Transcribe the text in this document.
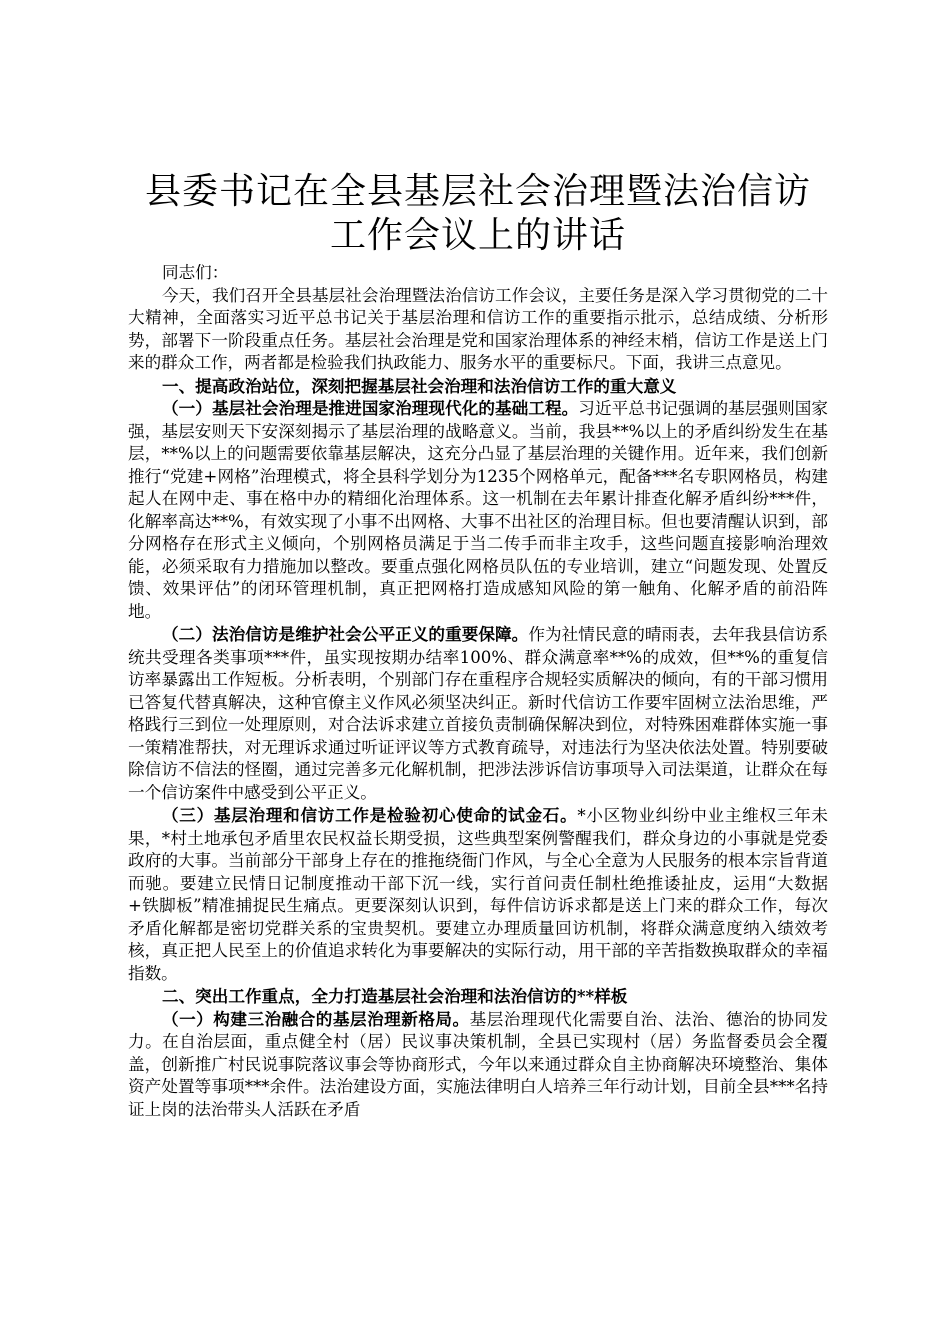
县委书记在全县基层社会治理暨法治信访工作会议上的讲话

同志们：

今天，我们召开全县基层社会治理暨法治信访工作会议，主要任务是深入学习贯彻党的二十大精神，全面落实习近平总书记关于基层治理和信访工作的重要指示批示，总结成绩、分析形势，部署下一阶段重点任务。基层社会治理是党和国家治理体系的神经末梢，信访工作是送上门来的群众工作，两者都是检验我们执政能力、服务水平的重要标尺。下面，我讲三点意见。

一、提高政治站位，深刻把握基层社会治理和法治信访工作的重大意义

（一）基层社会治理是推进国家治理现代化的基础工程。习近平总书记强调的基层强则国家强，基层安则天下安深刻揭示了基层治理的战略意义。当前，我县**%以上的矛盾纠纷发生在基层，**%以上的问题需要依靠基层解决，这充分凸显了基层治理的关键作用。近年来，我们创新推行“党建+网格”治理模式，将全县科学划分为1235个网格单元，配备***名专职网格员，构建起人在网中走、事在格中办的精细化治理体系。这一机制在去年累计排查化解矛盾纠纷***件，化解率高达**%，有效实现了小事不出网格、大事不出社区的治理目标。但也要清醒认识到，部分网格存在形式主义倾向，个别网格员满足于当二传手而非主攻手，这些问题直接影响治理效能，必须采取有力措施加以整改。要重点强化网格员队伍的专业培训，建立“问题发现、处置反馈、效果评估”的闭环管理机制，真正把网格打造成感知风险的第一触角、化解矛盾的前沿阵地。

（二）法治信访是维护社会公平正义的重要保障。作为社情民意的晴雨表，去年我县信访系统共受理各类事项***件，虽实现按期办结率100%、群众满意率**%的成效，但**%的重复信访率暴露出工作短板。分析表明，个别部门存在重程序合规轻实质解决的倾向，有的干部习惯用已答复代替真解决，这种官僚主义作风必须坚决纠正。新时代信访工作要牢固树立法治思维，严格践行三到位一处理原则，对合法诉求建立首接负责制确保解决到位，对特殊困难群体实施一事一策精准帮扶，对无理诉求通过听证评议等方式教育疏导，对违法行为坚决依法处置。特别要破除信访不信法的怪圈，通过完善多元化解机制，把涉法涉诉信访事项导入司法渠道，让群众在每一个信访案件中感受到公平正义。

（三）基层治理和信访工作是检验初心使命的试金石。*小区物业纠纷中业主维权三年未果，*村土地承包矛盾里农民权益长期受损，这些典型案例警醒我们，群众身边的小事就是党委政府的大事。当前部分干部身上存在的推拖绕衙门作风，与全心全意为人民服务的根本宗旨背道而驰。要建立民情日记制度推动干部下沉一线，实行首问责任制杜绝推诿扯皮，运用“大数据+铁脚板”精准捕捉民生痛点。更要深刻认识到，每件信访诉求都是送上门来的群众工作，每次矛盾化解都是密切党群关系的宝贵契机。要建立办理质量回访机制，将群众满意度纳入绩效考核，真正把人民至上的价值追求转化为事要解决的实际行动，用干部的辛苦指数换取群众的幸福指数。

二、突出工作重点，全力打造基层社会治理和法治信访的**样板

（一）构建三治融合的基层治理新格局。基层治理现代化需要自治、法治、德治的协同发力。在自治层面，重点健全村（居）民议事决策机制，全县已实现村（居）务监督委员会全覆盖，创新推广村民说事院落议事会等协商形式，今年以来通过群众自主协商解决环境整治、集体资产处置等事项***余件。法治建设方面，实施法律明白人培养三年行动计划，目前全县***名持证上岗的法治带头人活跃在矛盾
